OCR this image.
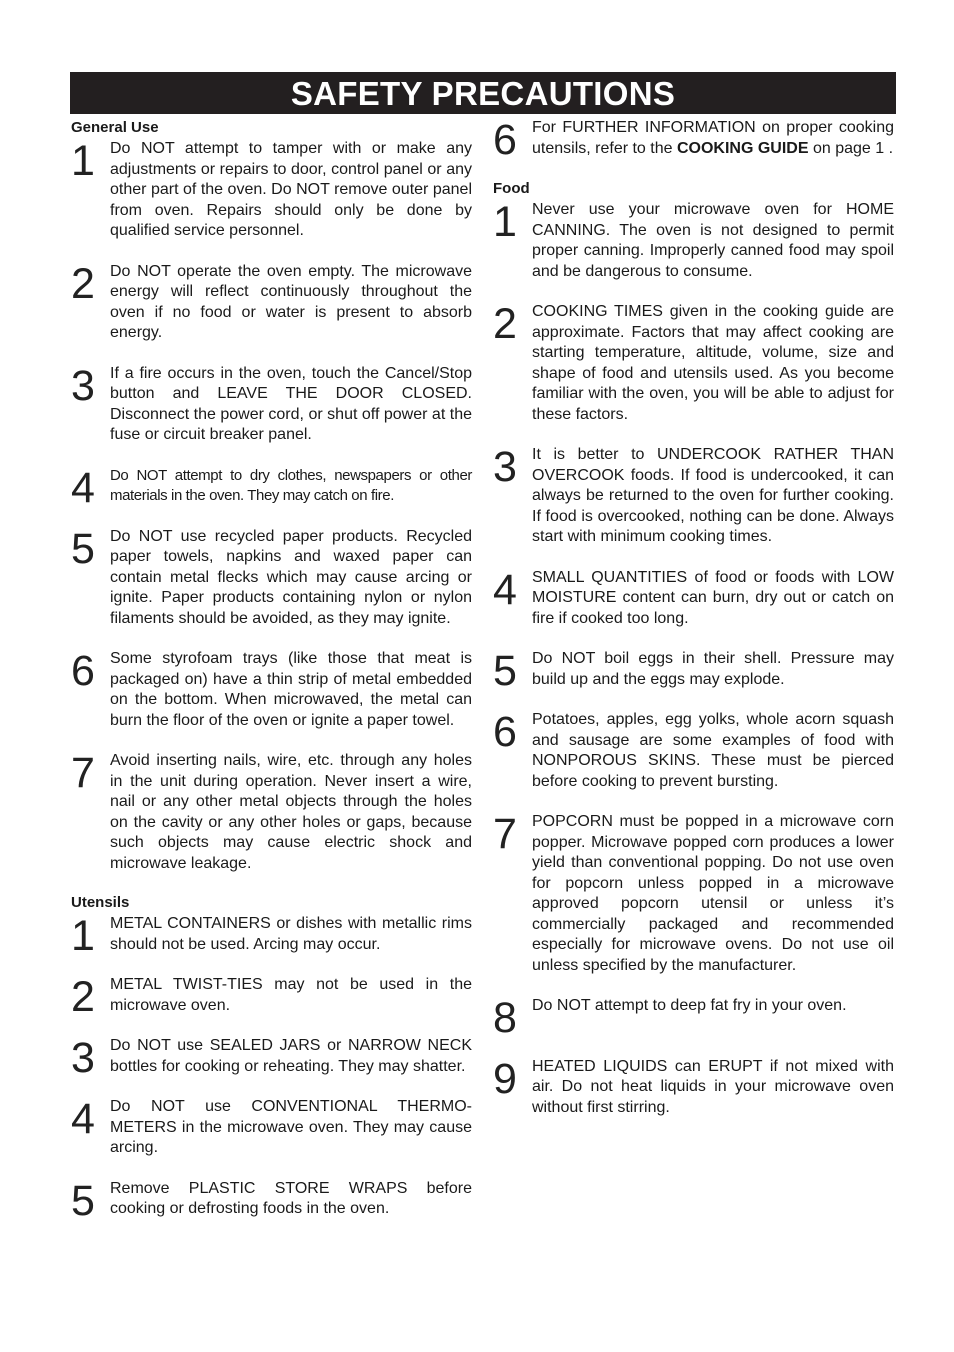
SAFETY PRECAUTIONS

General Use

1 Do NOT attempt to tamper with or make any adjustments or repairs to door, control panel or any other part of the oven. Do NOT remove outer panel from oven. Repairs should only be done by qualified service personnel.
2 Do NOT operate the oven empty. The microwave energy will reflect continuously throughout the oven if no food or water is present to absorb energy.
3 If a fire occurs in the oven, touch the Cancel/Stop button and LEAVE THE DOOR CLOSED. Disconnect the power cord, or shut off power at the fuse or circuit breaker panel.
4 Do NOT attempt to dry clothes, newspapers or other materials in the oven. They may catch on fire.
5 Do NOT use recycled paper products. Recycled paper towels, napkins and waxed paper can contain metal flecks which may cause arcing or ignite. Paper products containing nylon or nylon filaments should be avoided, as they may ignite.
6 Some styrofoam trays (like those that meat is packaged on) have a thin strip of metal embedded on the bottom. When microwaved, the metal can burn the floor of the oven or ignite a paper towel.
7 Avoid inserting nails, wire, etc. through any holes in the unit during operation. Never insert a wire, nail or any other metal objects through the holes on the cavity or any other holes or gaps, because such objects may cause electric shock and microwave leakage.

Utensils

1 METAL CONTAINERS or dishes with metallic rims should not be used. Arcing may occur.
2 METAL TWIST-TIES may not be used in the microwave oven.
3 Do NOT use SEALED JARS or NARROW NECK bottles for cooking or reheating. They may shatter.
4 Do NOT use CONVENTIONAL THERMO-METERS in the microwave oven. They may cause arcing.
5 Remove PLASTIC STORE WRAPS before cooking or defrosting foods in the oven.
6 For FURTHER INFORMATION on proper cooking utensils, refer to the COOKING GUIDE on page 1 .

Food

1 Never use your microwave oven for HOME CANNING. The oven is not designed to permit proper canning. Improperly canned food may spoil and be dangerous to consume.
2 COOKING TIMES given in the cooking guide are approximate. Factors that may affect cooking are starting temperature, altitude, volume, size and shape of food and utensils used. As you become familiar with the oven, you will be able to adjust for these factors.
3 It is better to UNDERCOOK RATHER THAN OVERCOOK foods. If food is undercooked, it can always be returned to the oven for further cooking. If food is overcooked, nothing can be done. Always start with minimum cooking times.
4 SMALL QUANTITIES of food or foods with LOW MOISTURE content can burn, dry out or catch on fire if cooked too long.
5 Do NOT boil eggs in their shell. Pressure may build up and the eggs may explode.
6 Potatoes, apples, egg yolks, whole acorn squash and sausage are some examples of food with NONPOROUS SKINS. These must be pierced before cooking to prevent bursting.
7 POPCORN must be popped in a microwave corn popper. Microwave popped corn produces a lower yield than conventional popping. Do not use oven for popcorn unless popped in a microwave approved popcorn utensil or unless it’s commercially packaged and recommended especially for microwave ovens. Do not use oil unless specified by the manufacturer.
8 Do NOT attempt to deep fat fry in your oven.
9 HEATED LIQUIDS can ERUPT if not mixed with air. Do not heat liquids in your microwave oven without first stirring.
